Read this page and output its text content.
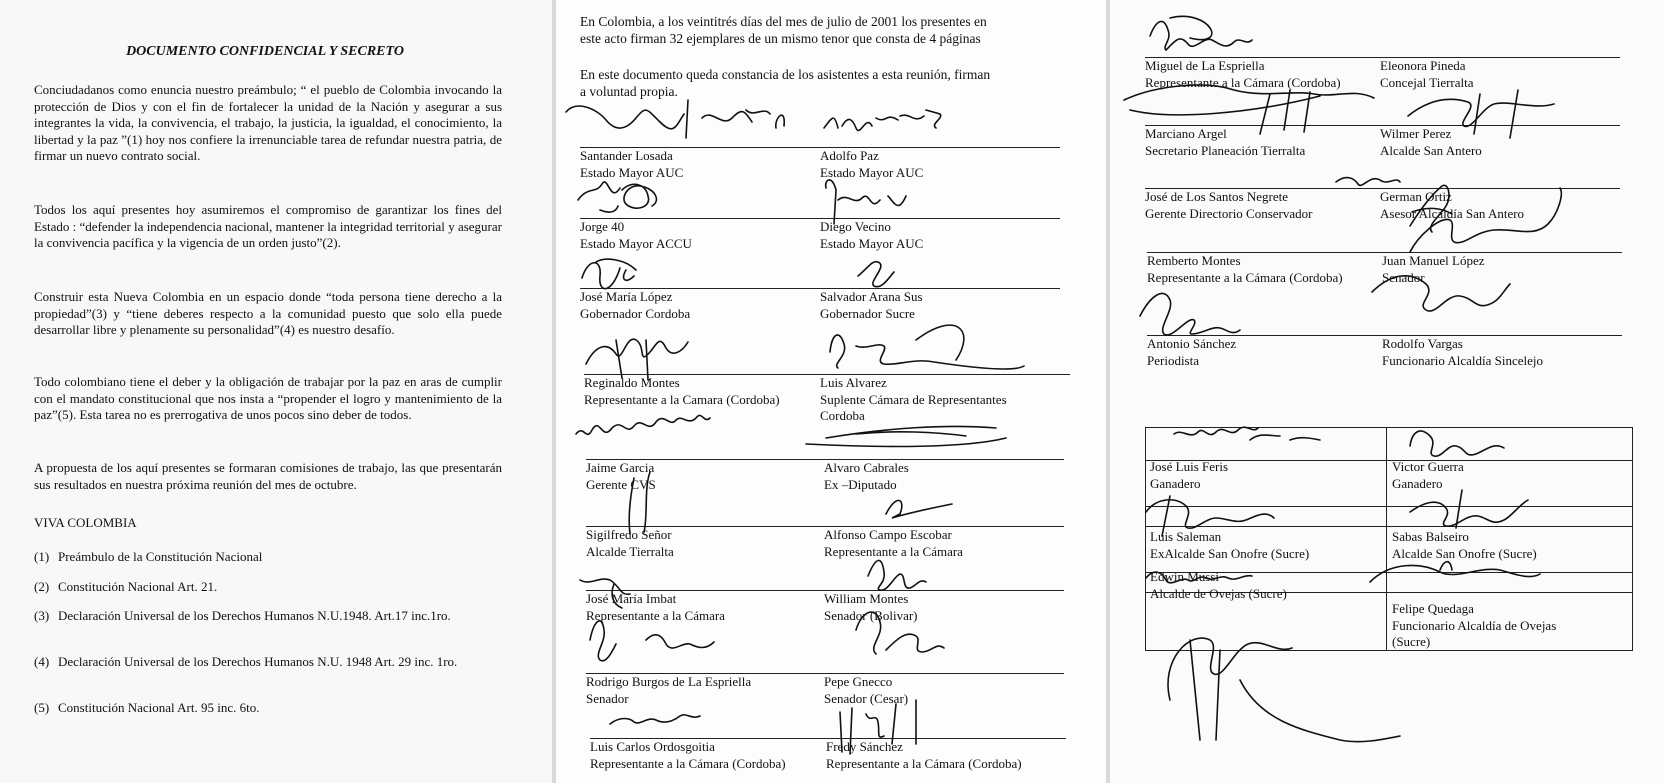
DOCUMENTO CONFIDENCIAL Y SECRETO
Conciudadanos como enuncia nuestro preámbulo; “ el pueblo de Colombia invocando la protección de Dios y con el fin de fortalecer la unidad de la Nación y asegurar a sus integrantes la vida, la convivencia, el trabajo, la justicia, la igualdad, el conocimiento, la libertad y la paz ”(1) hoy nos confiere la irrenunciable tarea de refundar nuestra patria, de firmar un nuevo contrato social.
Todos los aquí presentes hoy asumiremos el compromiso de garantizar los fines del Estado : “defender la independencia nacional, mantener la integridad territorial y asegurar la convivencia pacífica y la vigencia de un orden justo”(2).
Construir esta Nueva Colombia en un espacio donde “toda persona tiene derecho a la propiedad”(3) y “tiene deberes respecto a la comunidad puesto que solo ella puede desarrollar libre y plenamente su personalidad”(4) es nuestro desafío.
Todo colombiano tiene el deber y la obligación de trabajar por la paz en aras de cumplir con el mandato constitucional que nos insta a “propender el logro y mantenimiento de la paz”(5). Esta tarea no es prerrogativa de unos pocos sino deber de todos.
A propuesta de los aquí presentes se formaran comisiones de trabajo, las que presentarán sus resultados en nuestra próxima reunión del mes de octubre.
VIVA COLOMBIA
(1) Preámbulo de la Constitución Nacional
(2) Constitución Nacional Art. 21.
(3) Declaración Universal de los Derechos Humanos N.U.1948. Art.17 inc.1ro.
(4) Declaración Universal de los Derechos Humanos N.U. 1948 Art. 29 inc. 1ro.
(5) Constitución Nacional Art. 95 inc. 6to.
En Colombia, a los veintitrés días del mes de julio de 2001 los presentes en
este acto firman 32 ejemplares de un mismo tenor que consta de 4 páginas
En este documento queda constancia de los asistentes a esta reunión, firman
a voluntad propia.
Santander Losada
Estado Mayor AUC
Adolfo Paz
Estado Mayor AUC
Jorge 40
Estado Mayor ACCU
Diego Vecino
Estado Mayor AUC
José María López
Gobernador Cordoba
Salvador Arana Sus
Gobernador Sucre
Reginaldo Montes
Representante a la Camara (Cordoba)
Luis Alvarez
Suplente Cámara de Representantes
Cordoba
Jaime Garcia
Gerente CVS
Alvaro Cabrales
Ex –Diputado
Sigilfredo Señor
Alcalde Tierralta
Alfonso Campo Escobar
Representante a la Cámara
José María Imbat
Representante a la Cámara
William Montes
Senador (Bolivar)
Rodrigo Burgos de La Espriella
Senador
Pepe Gnecco
Senador (Cesar)
Luis Carlos Ordosgoitia
Representante a la Cámara (Cordoba)
Fredy Sánchez
Representante a la Cámara (Cordoba)
Miguel de La Espriella
Representante a la Cámara (Cordoba)
Eleonora Pineda
Concejal Tierralta
Marciano Argel
Secretario Planeación Tierralta
Wilmer Perez
Alcalde San Antero
José de Los Santos Negrete
Gerente Directorio Conservador
German Ortiz
Asesor Alcaldía San Antero
Remberto Montes
Representante a la Cámara (Cordoba)
Juan Manuel López
Senador
Antonio Sánchez
Periodista
Rodolfo Vargas
Funcionario Alcaldía Sincelejo
José Luis Feris
Ganadero
Victor Guerra
Ganadero
Luis Saleman
ExAlcalde San Onofre (Sucre)
Sabas Balseiro
Alcalde San Onofre (Sucre)
Edwin Mussi
Alcalde de Ovejas (Sucre)
Felipe Quedaga
Funcionario Alcaldía de Ovejas
(Sucre)
